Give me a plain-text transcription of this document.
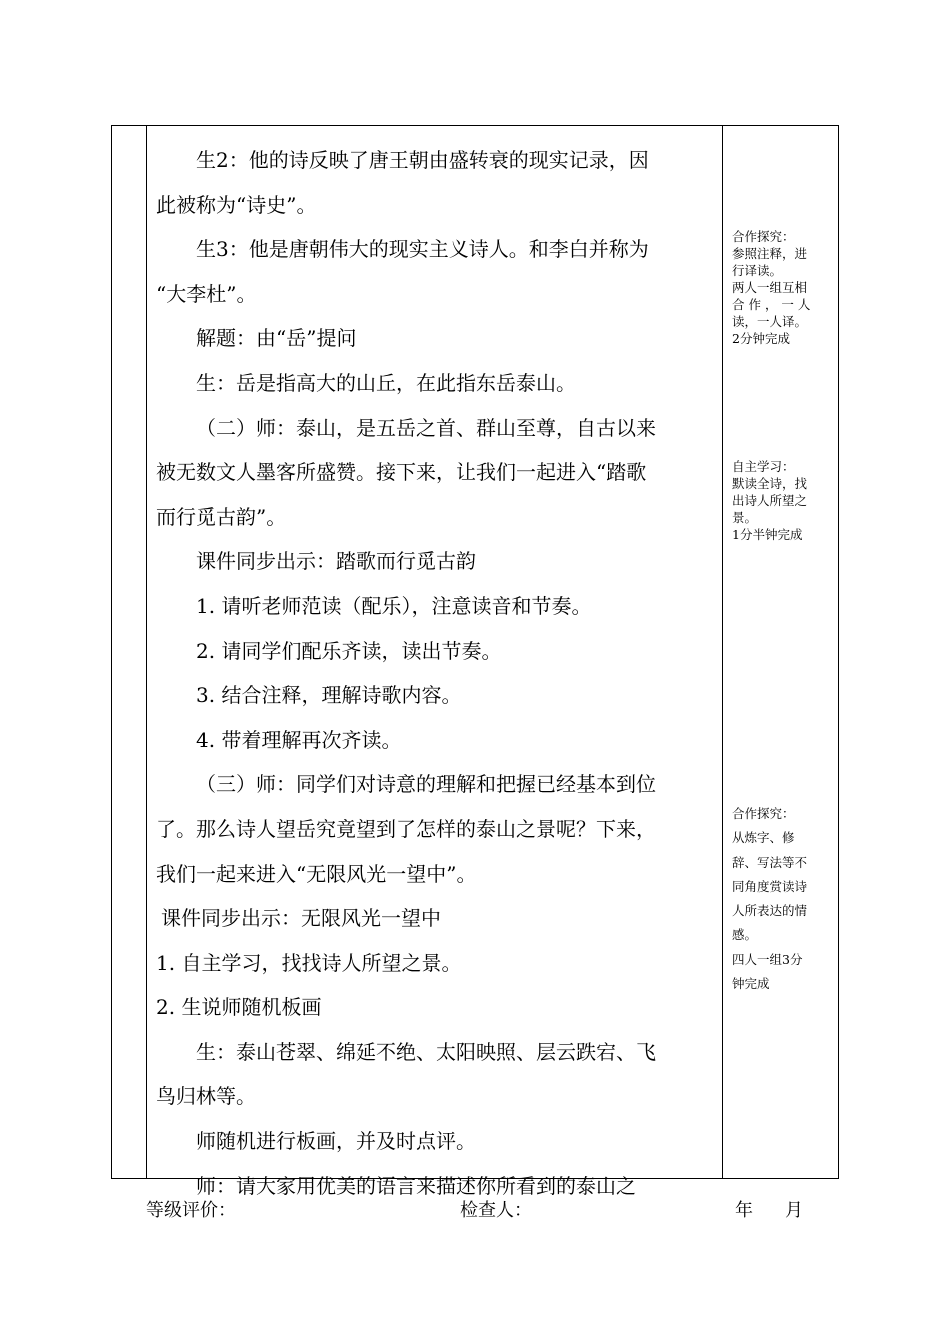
生2：他的诗反映了唐王朝由盛转衰的现实记录，因

此被称为“诗史”。

生3：他是唐朝伟大的现实主义诗人。和李白并称为

“大李杜”。

解题：由“岳”提问

生：岳是指高大的山丘，在此指东岳泰山。

（二）师：泰山，是五岳之首、群山至尊，自古以来

被无数文人墨客所盛赞。接下来，让我们一起进入“踏歌

而行觅古韵”。

课件同步出示：踏歌而行觅古韵

1. 请听老师范读（配乐），注意读音和节奏。

2. 请同学们配乐齐读，读出节奏。

3. 结合注释，理解诗歌内容。

4. 带着理解再次齐读。

（三）师：同学们对诗意的理解和把握已经基本到位

了。那么诗人望岳究竟望到了怎样的泰山之景呢？下来，

我们一起来进入“无限风光一望中”。

课件同步出示：无限风光一望中

1. 自主学习，找找诗人所望之景。

2. 生说师随机板画

生：泰山苍翠、绵延不绝、太阳映照、层云跌宕、飞

鸟归林等。

师随机进行板画，并及时点评。

师：请大家用优美的语言来描述你所看到的泰山之

合作探究：

参照注释，进

行译读。

两人一组互相

合 作 ， 一 人

读，一人译。

2分钟完成

自主学习：

默读全诗，找

出诗人所望之

景。

1分半钟完成

合作探究：

从炼字、修

辞、写法等不

同角度赏读诗

人所表达的情

感。

四人一组3分

钟完成

等级评价：	检查人：	年 月
